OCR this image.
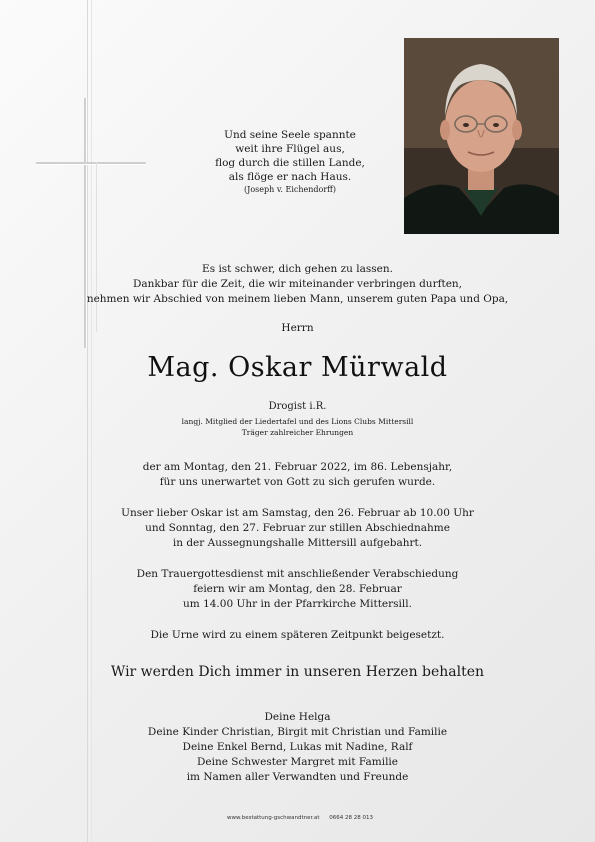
Und seine Seele spannte
weit ihre Flügel aus,
flog durch die stillen Lande,
als flöge er nach Haus.
(Joseph v. Eichendorff)
Es ist schwer, dich gehen zu lassen.
Dankbar für die Zeit, die wir miteinander verbringen durften,
nehmen wir Abschied von meinem lieben Mann, unserem guten Papa und Opa,
Herrn
Mag. Oskar Mürwald
Drogist i.R.
langj. Mitglied der Liedertafel und des Lions Clubs Mittersill
Träger zahlreicher Ehrungen
der am Montag, den 21. Februar 2022, im 86. Lebensjahr,
für uns unerwartet von Gott zu sich gerufen wurde.
Unser lieber Oskar ist am Samstag, den 26. Februar ab 10.00 Uhr
und Sonntag, den 27. Februar zur stillen Abschiednahme
in der Aussegnungshalle Mittersill aufgebahrt.
Den Trauergottesdienst mit anschließender Verabschiedung
feiern wir am Montag, den 28. Februar
um 14.00 Uhr in der Pfarrkirche Mittersill.
Die Urne wird zu einem späteren Zeitpunkt beigesetzt.
Wir werden Dich immer in unseren Herzen behalten
Deine Helga
Deine Kinder Christian, Birgit mit Christian und Familie
Deine Enkel Bernd, Lukas mit Nadine, Ralf
Deine Schwester Margret mit Familie
im Namen aller Verwandten und Freunde
www.bestattung-gschwandtner.at 0664 28 28 013
